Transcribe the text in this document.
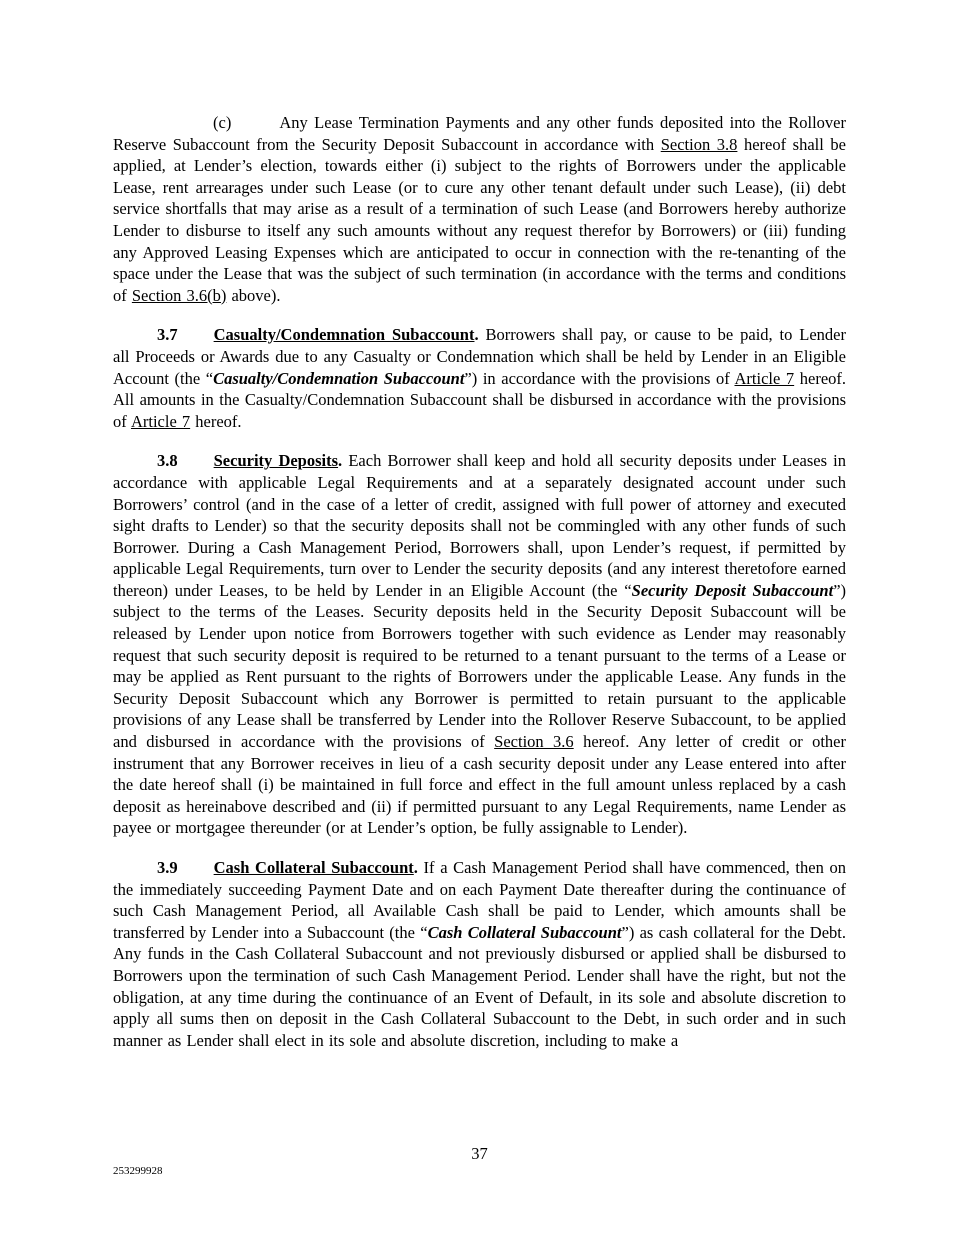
(c)	Any Lease Termination Payments and any other funds deposited into the Rollover Reserve Subaccount from the Security Deposit Subaccount in accordance with Section 3.8 hereof shall be applied, at Lender’s election, towards either (i) subject to the rights of Borrowers under the applicable Lease, rent arrearages under such Lease (or to cure any other tenant default under such Lease), (ii) debt service shortfalls that may arise as a result of a termination of such Lease (and Borrowers hereby authorize Lender to disburse to itself any such amounts without any request therefor by Borrowers) or (iii) funding any Approved Leasing Expenses which are anticipated to occur in connection with the re-tenanting of the space under the Lease that was the subject of such termination (in accordance with the terms and conditions of Section 3.6(b) above).

3.7 Casualty/Condemnation Subaccount. Borrowers shall pay, or cause to be paid, to Lender all Proceeds or Awards due to any Casualty or Condemnation which shall be held by Lender in an Eligible Account (the “Casualty/Condemnation Subaccount”) in accordance with the provisions of Article 7 hereof. All amounts in the Casualty/Condemnation Subaccount shall be disbursed in accordance with the provisions of Article 7 hereof.

3.8 Security Deposits. Each Borrower shall keep and hold all security deposits under Leases in accordance with applicable Legal Requirements and at a separately designated account under such Borrowers’ control (and in the case of a letter of credit, assigned with full power of attorney and executed sight drafts to Lender) so that the security deposits shall not be commingled with any other funds of such Borrower. During a Cash Management Period, Borrowers shall, upon Lender’s request, if permitted by applicable Legal Requirements, turn over to Lender the security deposits (and any interest theretofore earned thereon) under Leases, to be held by Lender in an Eligible Account (the “Security Deposit Subaccount”) subject to the terms of the Leases. Security deposits held in the Security Deposit Subaccount will be released by Lender upon notice from Borrowers together with such evidence as Lender may reasonably request that such security deposit is required to be returned to a tenant pursuant to the terms of a Lease or may be applied as Rent pursuant to the rights of Borrowers under the applicable Lease. Any funds in the Security Deposit Subaccount which any Borrower is permitted to retain pursuant to the applicable provisions of any Lease shall be transferred by Lender into the Rollover Reserve Subaccount, to be applied and disbursed in accordance with the provisions of Section 3.6 hereof. Any letter of credit or other instrument that any Borrower receives in lieu of a cash security deposit under any Lease entered into after the date hereof shall (i) be maintained in full force and effect in the full amount unless replaced by a cash deposit as hereinabove described and (ii) if permitted pursuant to any Legal Requirements, name Lender as payee or mortgagee thereunder (or at Lender’s option, be fully assignable to Lender).

3.9 Cash Collateral Subaccount. If a Cash Management Period shall have commenced, then on the immediately succeeding Payment Date and on each Payment Date thereafter during the continuance of such Cash Management Period, all Available Cash shall be paid to Lender, which amounts shall be transferred by Lender into a Subaccount (the “Cash Collateral Subaccount”) as cash collateral for the Debt. Any funds in the Cash Collateral Subaccount and not previously disbursed or applied shall be disbursed to Borrowers upon the termination of such Cash Management Period. Lender shall have the right, but not the obligation, at any time during the continuance of an Event of Default, in its sole and absolute discretion to apply all sums then on deposit in the Cash Collateral Subaccount to the Debt, in such order and in such manner as Lender shall elect in its sole and absolute discretion, including to make a

37
253299928
